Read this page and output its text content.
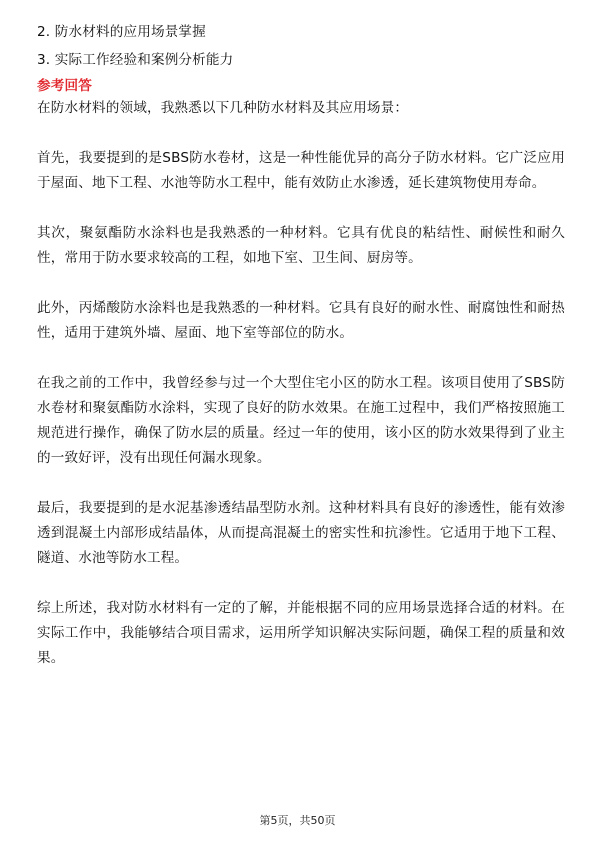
2. 防水材料的应用场景掌握
3. 实际工作经验和案例分析能力
参考回答
在防水材料的领域，我熟悉以下几种防水材料及其应用场景：
首先，我要提到的是SBS防水卷材，这是一种性能优异的高分子防水材料。它广泛应用于屋面、地下工程、水池等防水工程中，能有效防止水渗透，延长建筑物使用寿命。
其次，聚氨酯防水涂料也是我熟悉的一种材料。它具有优良的粘结性、耐候性和耐久性，常用于防水要求较高的工程，如地下室、卫生间、厨房等。
此外，丙烯酸防水涂料也是我熟悉的一种材料。它具有良好的耐水性、耐腐蚀性和耐热性，适用于建筑外墙、屋面、地下室等部位的防水。
在我之前的工作中，我曾经参与过一个大型住宅小区的防水工程。该项目使用了SBS防水卷材和聚氨酯防水涂料，实现了良好的防水效果。在施工过程中，我们严格按照施工规范进行操作，确保了防水层的质量。经过一年的使用，该小区的防水效果得到了业主的一致好评，没有出现任何漏水现象。
最后，我要提到的是水泥基渗透结晶型防水剂。这种材料具有良好的渗透性，能有效渗透到混凝土内部形成结晶体，从而提高混凝土的密实性和抗渗性。它适用于地下工程、隧道、水池等防水工程。
综上所述，我对防水材料有一定的了解，并能根据不同的应用场景选择合适的材料。在实际工作中，我能够结合项目需求，运用所学知识解决实际问题，确保工程的质量和效果。
第5页，共50页
